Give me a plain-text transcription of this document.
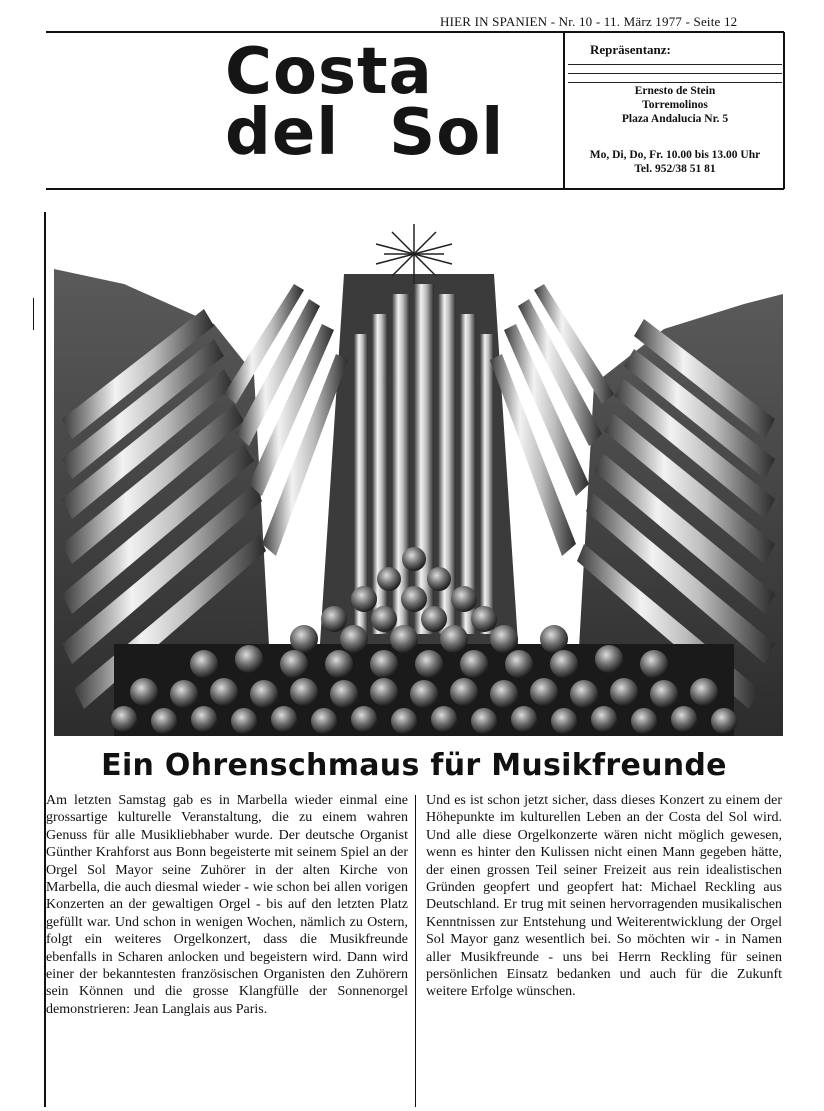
HIER IN SPANIEN - Nr. 10 - 11. März 1977 - Seite 12
Costa
del Sol
Repräsentanz:
Ernesto de Stein
Torremolinos
Plaza Andalucia Nr. 5
Mo, Di, Do, Fr. 10.00 bis 13.00 Uhr
Tel. 952/38 51 81
Ein Ohrenschmaus für Musikfreunde
Am letzten Samstag gab es in Marbella wieder einmal eine grossartige kulturelle Veranstaltung, die zu einem wahren Genuss für alle Musikliebhaber wurde. Der deutsche Organist Günther Krahforst aus Bonn begeisterte mit seinem Spiel an der Orgel Sol Mayor seine Zuhörer in der alten Kirche von Marbella, die auch diesmal wieder - wie schon bei allen vorigen Konzerten an der gewaltigen Orgel - bis auf den letzten Platz gefüllt war. Und schon in wenigen Wochen, nämlich zu Ostern, folgt ein weiteres Orgelkonzert, dass die Musikfreunde ebenfalls in Scharen anlocken und begeistern wird. Dann wird einer der bekanntesten französischen Organisten den Zuhörern sein Können und die grosse Klangfülle der Sonnenorgel demonstrieren: Jean Langlais aus Paris.
Und es ist schon jetzt sicher, dass dieses Konzert zu einem der Höhepunkte im kulturellen Leben an der Costa del Sol wird. Und alle diese Orgelkonzerte wären nicht möglich gewesen, wenn es hinter den Kulissen nicht einen Mann gegeben hätte, der einen grossen Teil seiner Freizeit aus rein idealistischen Gründen geopfert und geopfert hat: Michael Reckling aus Deutschland. Er trug mit seinen hervorragenden musikalischen Kenntnissen zur Entstehung und Weiterentwicklung der Orgel Sol Mayor ganz wesentlich bei. So möchten wir - in Namen aller Musikfreunde - uns bei Herrn Reckling für seinen persönlichen Einsatz bedanken und auch für die Zukunft weitere Erfolge wünschen.
